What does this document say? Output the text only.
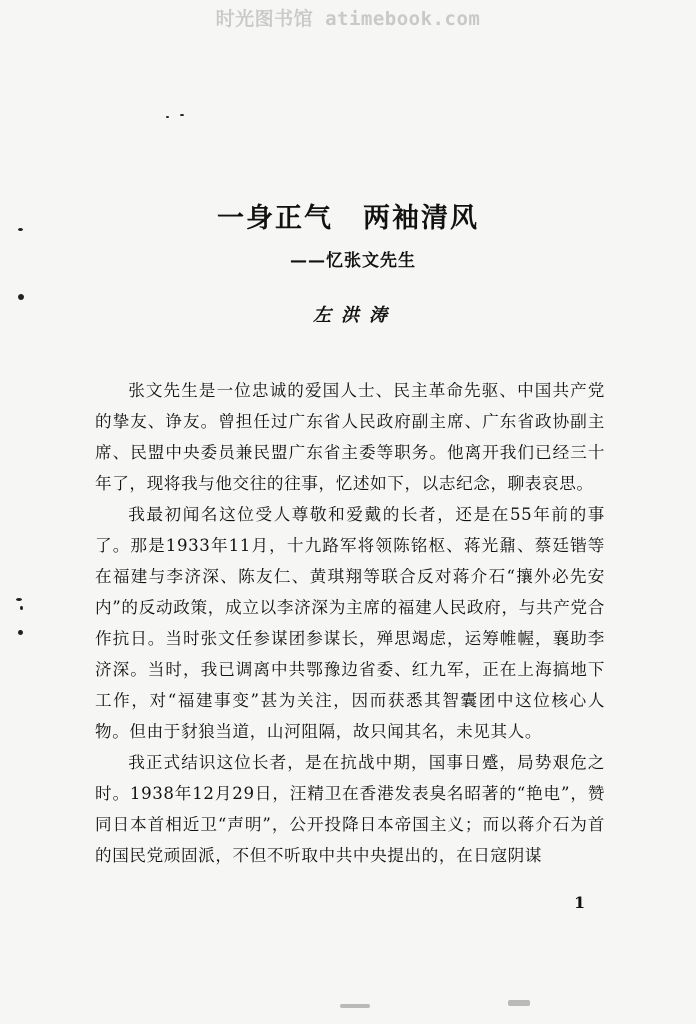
时光图书馆 atimebook.com
一身正气 两袖清风
——忆张文先生
左洪涛

张文先生是一位忠诚的爱国人士、民主革命先驱、中国共产党的挚友、诤友。曾担任过广东省人民政府副主席、广东省政协副主席、民盟中央委员兼民盟广东省主委等职务。他离开我们已经三十年了，现将我与他交往的往事，忆述如下，以志纪念，聊表哀思。

我最初闻名这位受人尊敬和爱戴的长者，还是在55年前的事了。那是1933年11月，十九路军将领陈铭枢、蒋光鼐、蔡廷锴等在福建与李济深、陈友仁、黄琪翔等联合反对蒋介石“攘外必先安内”的反动政策，成立以李济深为主席的福建人民政府，与共产党合作抗日。当时张文任参谋团参谋长，殚思竭虑，运筹帷幄，襄助李济深。当时，我已调离中共鄂豫边省委、红九军，正在上海搞地下工作，对“福建事变”甚为关注，因而获悉其智囊团中这位核心人物。但由于豺狼当道，山河阻隔，故只闻其名，未见其人。

我正式结识这位长者，是在抗战中期，国事日蹙，局势艰危之时。1938年12月29日，汪精卫在香港发表臭名昭著的“艳电”，赞同日本首相近卫“声明”，公开投降日本帝国主义；而以蒋介石为首的国民党顽固派，不但不听取中共中央提出的，在日寇阴谋

1
